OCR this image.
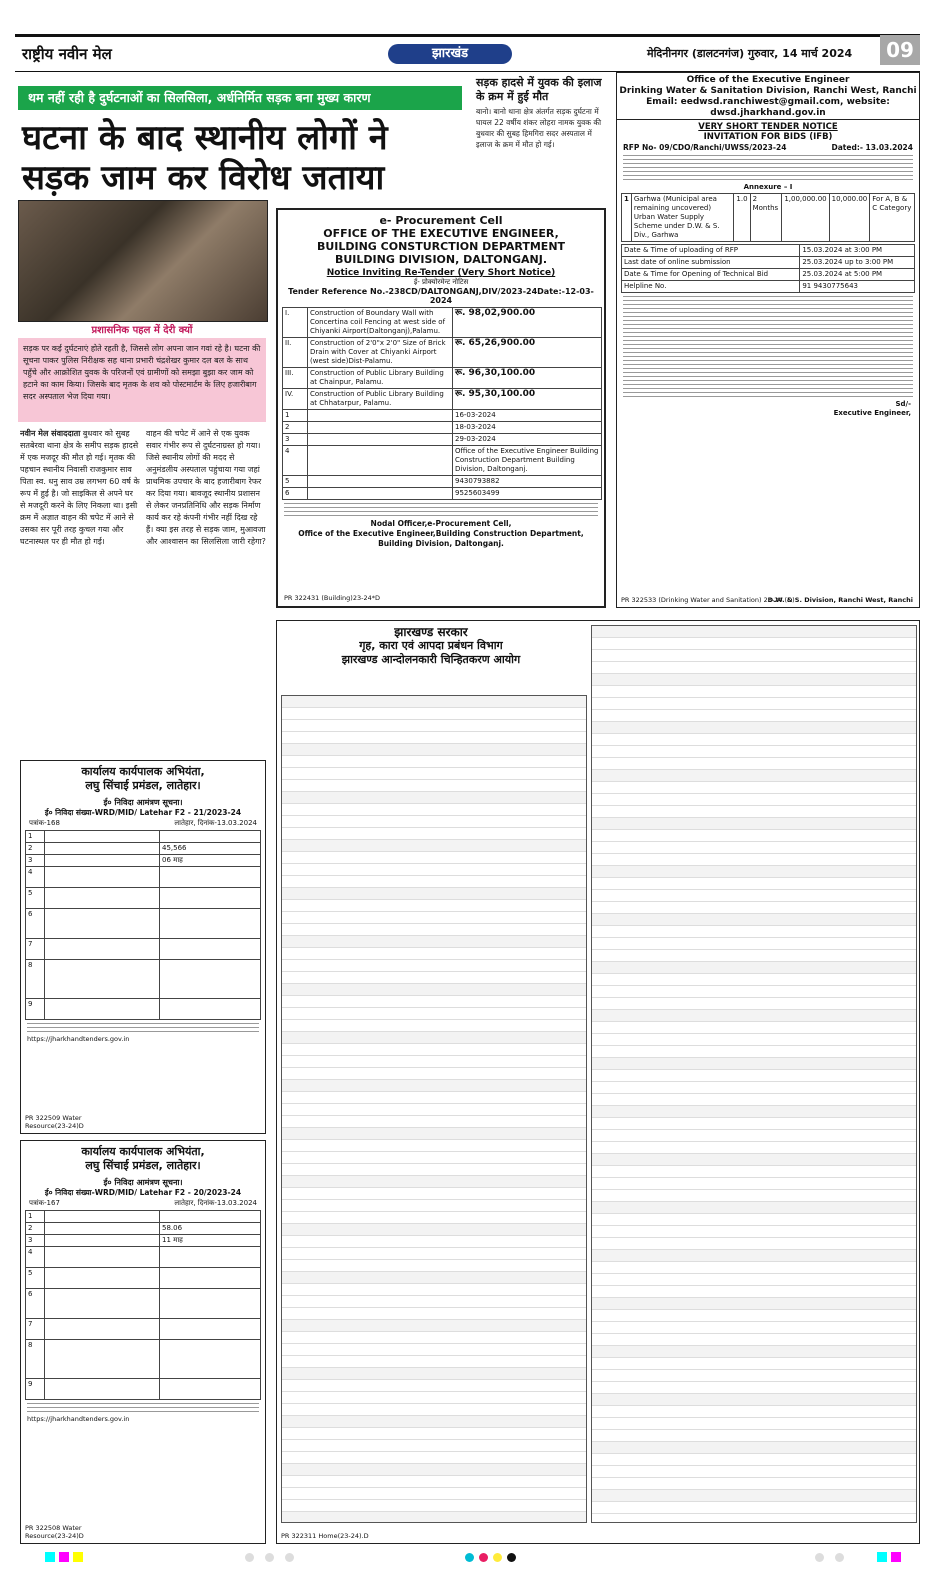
राष्ट्रीय नवीन मेल	झारखंड	मेदिनीनगर (डालटनगंज) गुरुवार, 14 मार्च 2024	09
थम नहीं रही है दुर्घटनाओं का सिलसिला, अर्धनिर्मित सड़क बना मुख्य कारण
घटना के बाद स्थानीय लोगों ने सड़क जाम कर विरोध जताया
सड़क हादसे में युवक की इलाज के क्रम में हुई मौत
बानो। बानो थाना क्षेत्र अंतर्गत सड़क दुर्घटना में घायल 22 वर्षीय शंकर लोहरा नामक युवक की बुधवार की सुबह हिमगिरा सदर अस्पताल में इलाज के क्रम में मौत हो गई।
प्रशासनिक पहल में देरी क्यों
सड़क पर कई दुर्घटनाएं होते रहती है, जिससे लोग अपना जान गवां रहे है। घटना की सूचना पाकर पुलिस निरीक्षक सह थाना प्रभारी चंद्रशेखर कुमार दल बल के साथ पहुँचे और आक्रोशित युवक के परिजनों एवं ग्रामीणों को समझा बुझा कर जाम को हटाने का काम किया। जिसके बाद मृतक के शव को पोस्टमार्टम के लिए हजारीबाग सदर अस्पताल भेज दिया गया।
नवीन मेल संवाददाता बुधवार को सुबह सतबेरवा थाना क्षेत्र के समीप सड़क हादसे में एक मजदूर की मौत हो गई। मृतक की पहचान स्थानीय निवासी राजकुमार साव पिता स्व. धनु साव उम्र लगभग 60 वर्ष के रूप में हुई है। जो साइकिल से अपने घर से मजदूरी करने के लिए निकला था। इसी क्रम में अज्ञात वाहन की चपेट में आने से उसका सर पूरी तरह कुचल गया और घटनास्थल पर ही मौत हो गई।
वाहन की चपेट में आने से एक युवक सवार गंभीर रूप से दुर्घटनाग्रस्त हो गया। जिसे स्थानीय लोगों की मदद से अनुमंडलीय अस्पताल पहुंचाया गया जहां प्राथमिक उपचार के बाद हजारीबाग रेफर कर दिया गया। बावजूद स्थानीय प्रशासन से लेकर जनप्रतिनिधि और सड़क निर्माण कार्य कर रहे कंपनी गंभीर नहीं दिख रहे हैं। क्या इस तरह से सड़क जाम, मुआवजा और आश्वासन का सिलसिला जारी रहेगा?
e- Procurement Cell
OFFICE OF THE EXECUTIVE ENGINEER,
BUILDING CONSTURCTION DEPARTMENT
BUILDING DIVISION, DALTONGANJ.
Notice Inviting Re-Tender (Very Short Notice)
ई- प्रोक्योरमेन्ट नोटिस
Tender Reference No.-238CD/DALTONGANJ,DIV/2023-24Date:-12-03-2024
I.	Construction of Boundary Wall with Concertina coil Fencing at west side of Chiyanki Airport(Daltonganj),Palamu.	रू. 98,02,900.00
II.	Construction of 2'0"x 2'0" Size of Brick Drain with Cover at Chiyanki Airport (west side)Dist-Palamu.	रू. 65,26,900.00
III.	Construction of Public Library Building at Chainpur, Palamu.	रू. 96,30,100.00
IV.	Construction of Public Library Building at Chhatarpur, Palamu.	रू. 95,30,100.00
1		16-03-2024
2		18-03-2024
3		29-03-2024
4		Office of the Executive Engineer Building Construction Department Building Division, Daltonganj.
5		9430793882
6		9525603499
Nodal Officer,e-Procurement Cell,
Office of the Executive Engineer,Building Construction Department,
Building Division, Daltonganj.
PR 322431 (Building)23-24*D
Office of the Executive Engineer
Drinking Water & Sanitation Division, Ranchi West, Ranchi
Email: eedwsd.ranchiwest@gmail.com, website: dwsd.jharkhand.gov.in
VERY SHORT TENDER NOTICE
INVITATION FOR BIDS (IFB)
RFP No- 09/CDO/Ranchi/UWSS/2023-24	Dated:- 13.03.2024
Annexure – I
1	Garhwa (Municipal area remaining uncovered) Urban Water Supply Scheme under D.W. & S. Div., Garhwa	1.0	2 Months	1,00,000.00	10,000.00	For A, B & C Category
Date & Time of uploading of RFP	15.03.2024 at 3:00 PM
Last date of online submission	25.03.2024 up to 3:00 PM
Date & Time for Opening of Technical Bid	25.03.2024 at 5:00 PM
Helpline No.	91 9430775643
Sd/-
Executive Engineer,
PR 322533 (Drinking Water and Sanitation) 23-24 (D)
D.W. & S. Division, Ranchi West, Ranchi
कार्यालय कार्यपालक अभियंता,
लघु सिंचाई प्रमंडल, लातेहार।
ई० निविदा आमंत्रण सूचना।
ई० निविदा संख्या-WRD/MID/ Latehar F2 - 21/2023-24
पत्रांक-168	लातेहार, दिनांक-13.03.2024
1		
2		45,566
3		06 माह
4	

5	

6	

7	

8	

9	

https://jharkhandtenders.gov.in
PR 322509 Water Resource(23-24)D
कार्यालय कार्यपालक अभियंता,
लघु सिंचाई प्रमंडल, लातेहार।
ई० निविदा आमंत्रण सूचना।
ई० निविदा संख्या-WRD/MID/ Latehar F2 - 20/2023-24
पत्रांक-167	लातेहार, दिनांक-13.03.2024
1		
2		58.06
3		11 माह
4	

5	

6	

7	

8	

9	

https://jharkhandtenders.gov.in
PR 322508 Water Resource(23-24)D
झारखण्ड सरकार
गृह, कारा एवं आपदा प्रबंधन विभाग
झारखण्ड आन्दोलनकारी चिन्हितकरण आयोग
PR 322311 Home(23-24).D
